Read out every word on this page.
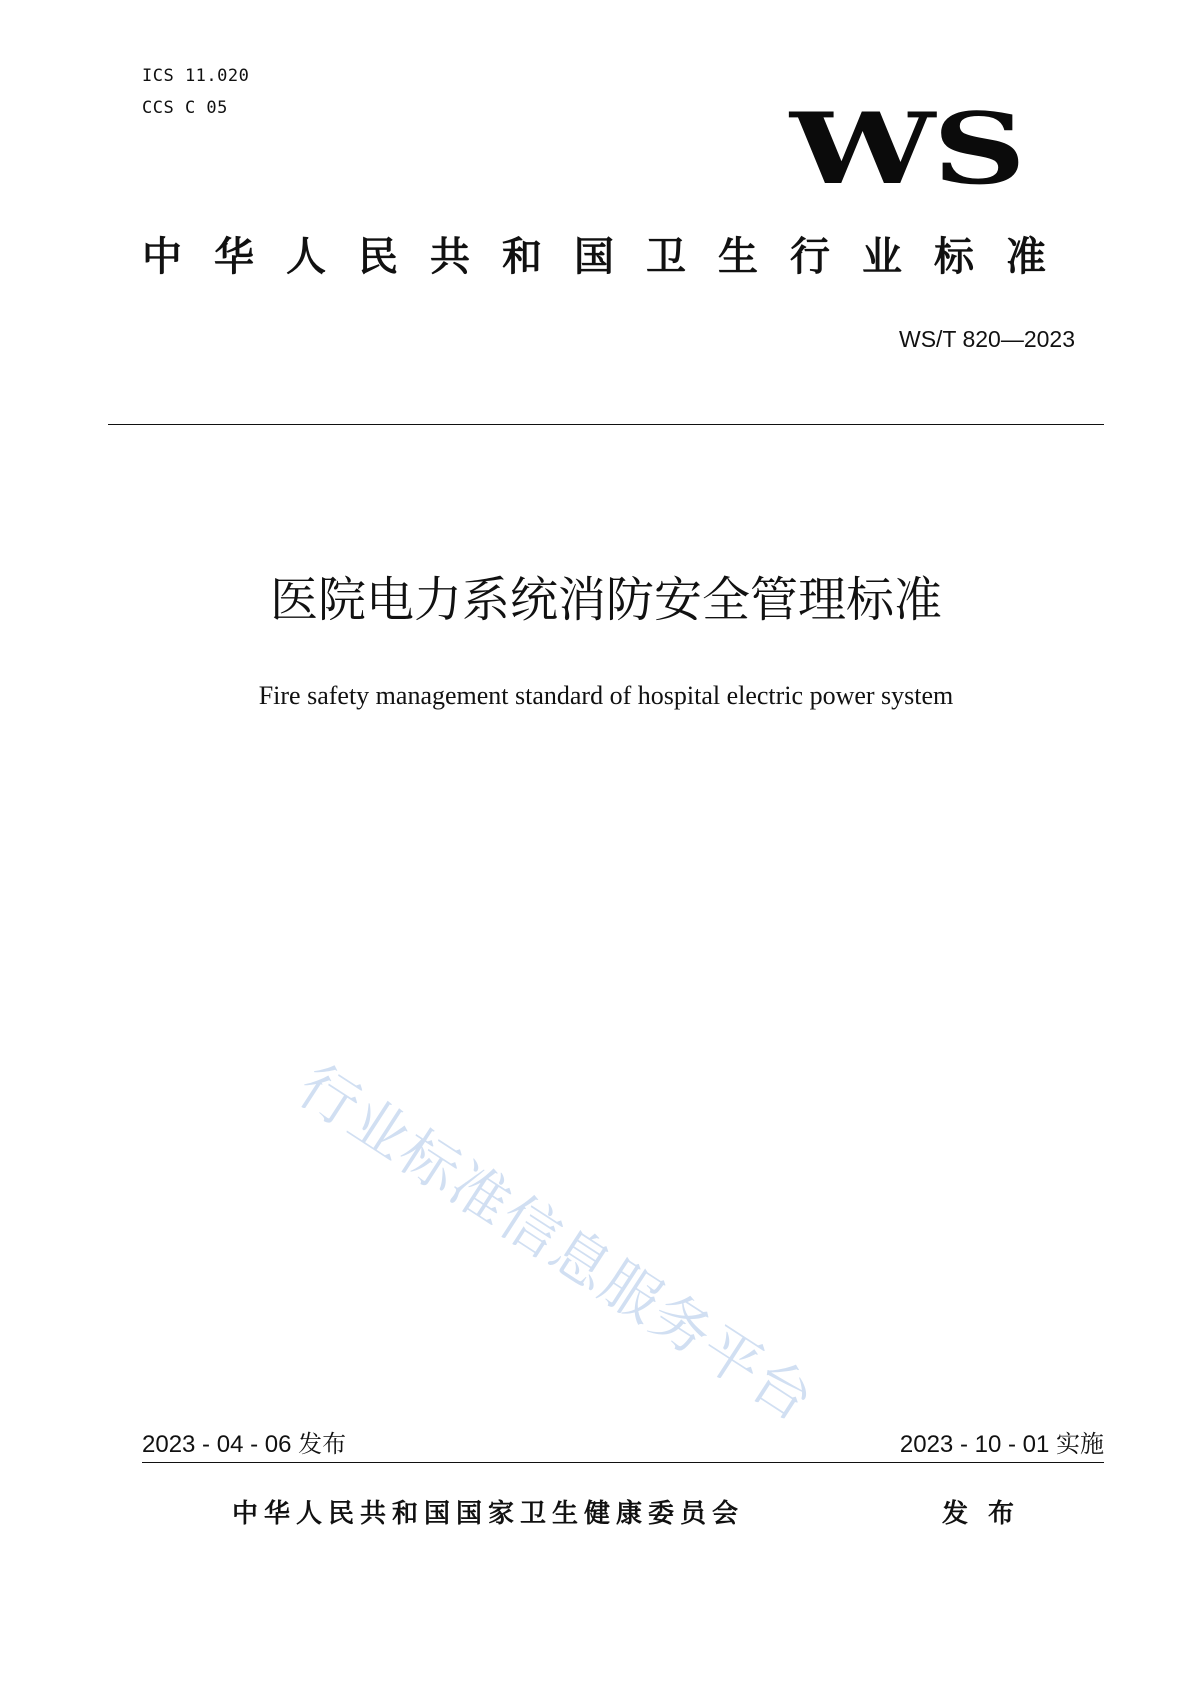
ICS 11.020
CCS C 05	WS
中华人民共和国卫生行业标准
WS/T 820—2023
医院电力系统消防安全管理标准
Fire safety management standard of hospital electric power system
行业标准信息服务平台
2023 - 04 - 06 发布	2023 - 10 - 01 实施
中华人民共和国国家卫生健康委员会	发布
